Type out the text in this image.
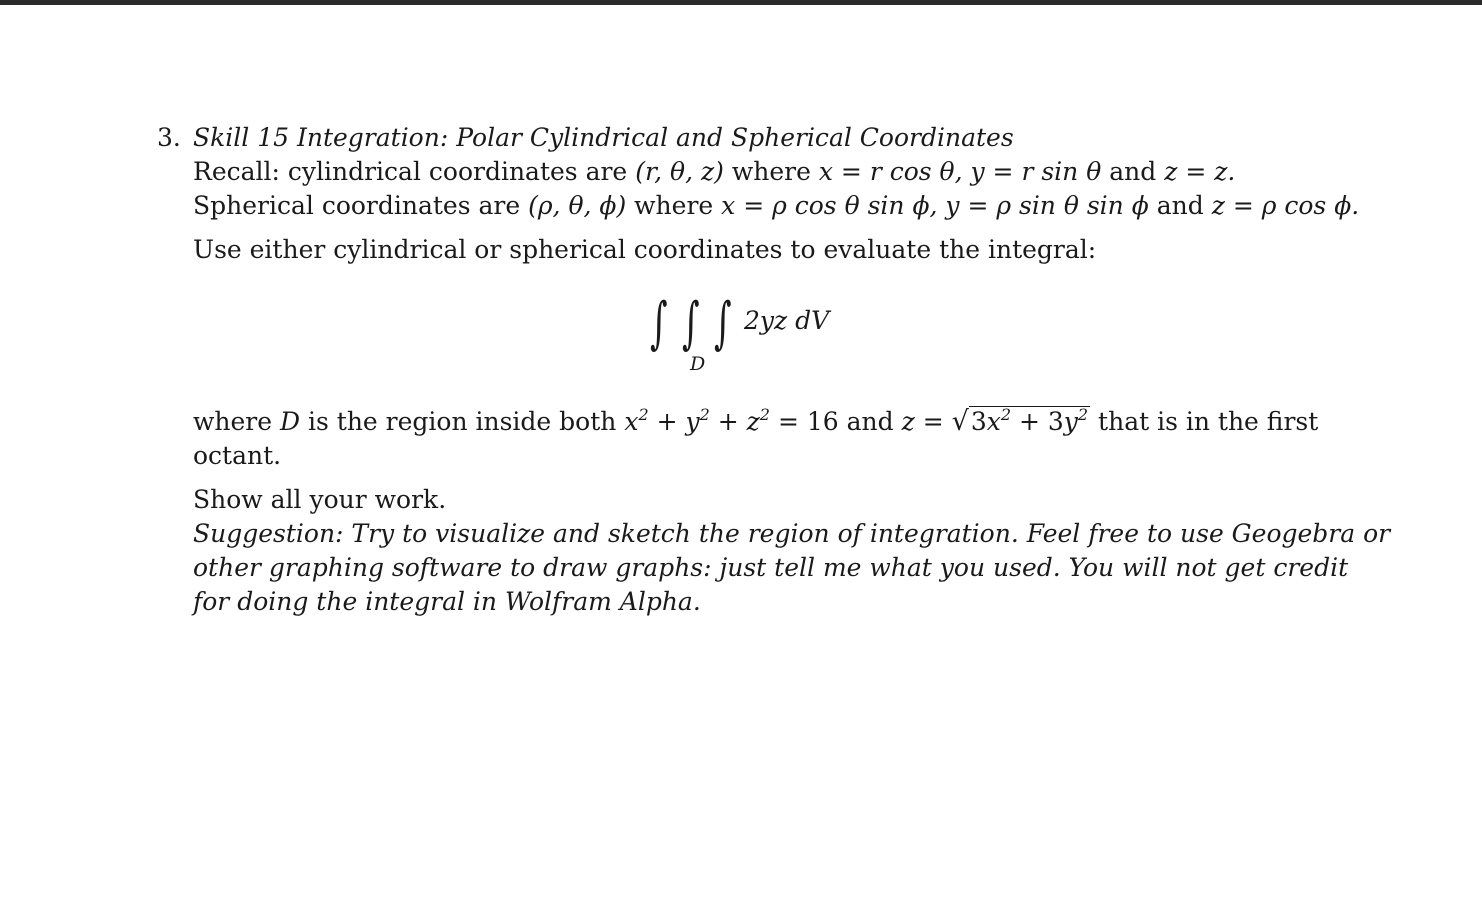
3. Skill 15 Integration: Polar Cylindrical and Spherical Coordinates
Recall: cylindrical coordinates are (r, θ, z) where x = r cos θ, y = r sin θ and z = z.
Spherical coordinates are (ρ, θ, ϕ) where x = ρ cos θ sin ϕ, y = ρ sin θ sin ϕ and z = ρ cos ϕ.
Use either cylindrical or spherical coordinates to evaluate the integral:
∫ ∫ ∫ 2yz dV
D
where D is the region inside both $x^2 + y^2 + z^2 = 16$ and $z = √3x^2 + 3y^2$ that is in the first
octant.
Show all your work.
Suggestion: Try to visualize and sketch the region of integration. Feel free to use Geogebra or
other graphing software to draw graphs: just tell me what you used. You will not get credit
for doing the integral in Wolfram Alpha.
